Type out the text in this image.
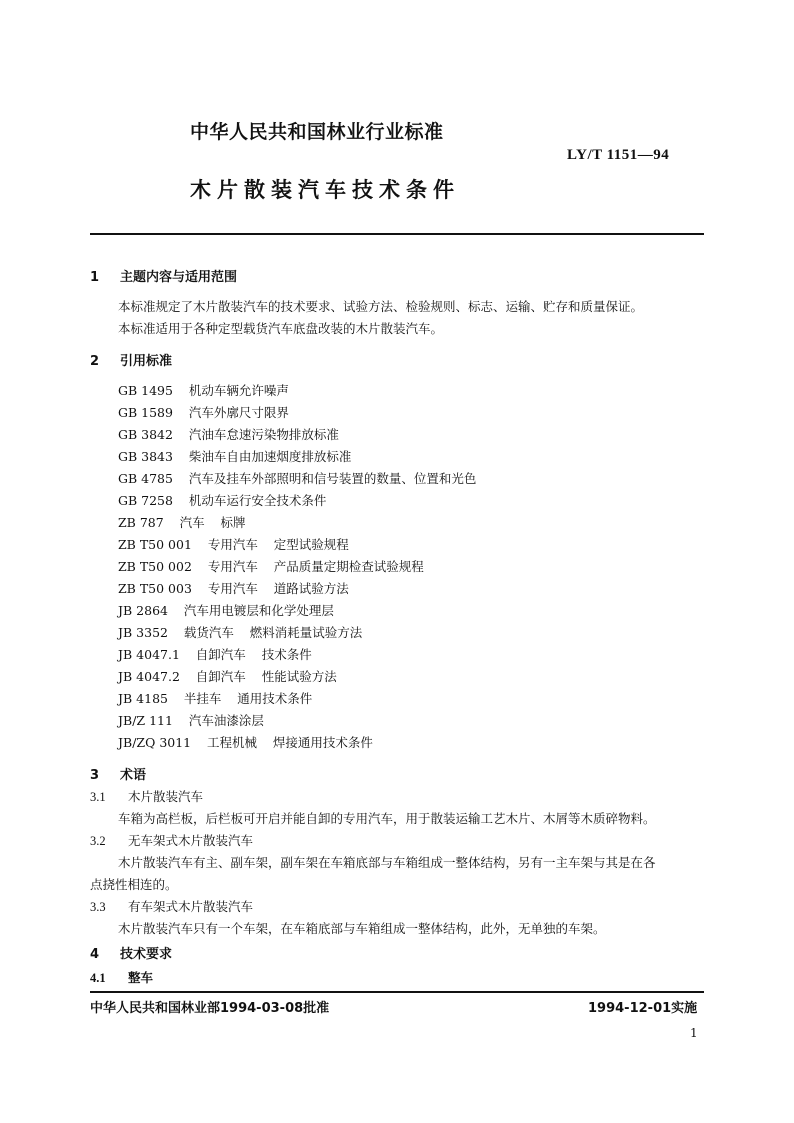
中华人民共和国林业行业标准
LY/T 1151—94
木片散装汽车技术条件
1 主题内容与适用范围
本标准规定了木片散装汽车的技术要求、试验方法、检验规则、标志、运输、贮存和质量保证。
本标准适用于各种定型载货汽车底盘改装的木片散装汽车。
2 引用标准
GB 1495    机动车辆允许噪声
GB 1589    汽车外廓尺寸限界
GB 3842    汽油车怠速污染物排放标准
GB 3843    柴油车自由加速烟度排放标准
GB 4785    汽车及挂车外部照明和信号装置的数量、位置和光色
GB 7258    机动车运行安全技术条件
ZB 787    汽车    标牌
ZB T50 001    专用汽车    定型试验规程
ZB T50 002    专用汽车    产品质量定期检查试验规程
ZB T50 003    专用汽车    道路试验方法
JB 2864    汽车用电镀层和化学处理层
JB 3352    载货汽车    燃料消耗量试验方法
JB 4047.1    自卸汽车    技术条件
JB 4047.2    自卸汽车    性能试验方法
JB 4185    半挂车    通用技术条件
JB/Z 111    汽车油漆涂层
JB/ZQ 3011    工程机械    焊接通用技术条件
3 术语
3.1 木片散装汽车
车箱为高栏板，后栏板可开启并能自卸的专用汽车，用于散装运输工艺木片、木屑等木质碎物料。
3.2 无车架式木片散装汽车
木片散装汽车有主、副车架，副车架在车箱底部与车箱组成一整体结构，另有一主车架与其是在各
点挠性相连的。
3.3 有车架式木片散装汽车
木片散装汽车只有一个车架，在车箱底部与车箱组成一整体结构，此外，无单独的车架。
4 技术要求
4.1 整车
中华人民共和国林业部1994-03-08批准	1994-12-01实施
1
